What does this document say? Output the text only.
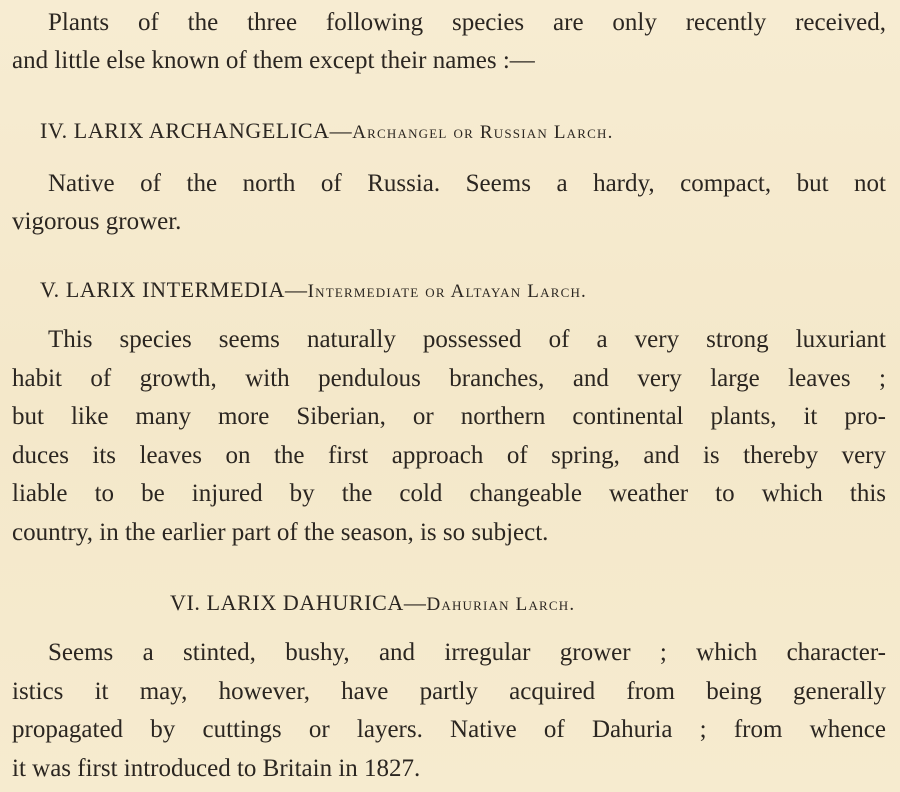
Plants of the three following species are only recently received,
and little else known of them except their names :—
IV. LARIX ARCHANGELICA—Archangel or Russian Larch.
Native of the north of Russia. Seems a hardy, compact, but not
vigorous grower.
V. LARIX INTERMEDIA—Intermediate or Altayan Larch.
This species seems naturally possessed of a very strong luxuriant
habit of growth, with pendulous branches, and very large leaves ;
but like many more Siberian, or northern continental plants, it pro-
duces its leaves on the first approach of spring, and is thereby very
liable to be injured by the cold changeable weather to which this
country, in the earlier part of the season, is so subject.
VI. LARIX DAHURICA—Dahurian Larch.
Seems a stinted, bushy, and irregular grower ; which character-
istics it may, however, have partly acquired from being generally
propagated by cuttings or layers. Native of Dahuria ; from whence
it was first introduced to Britain in 1827.
